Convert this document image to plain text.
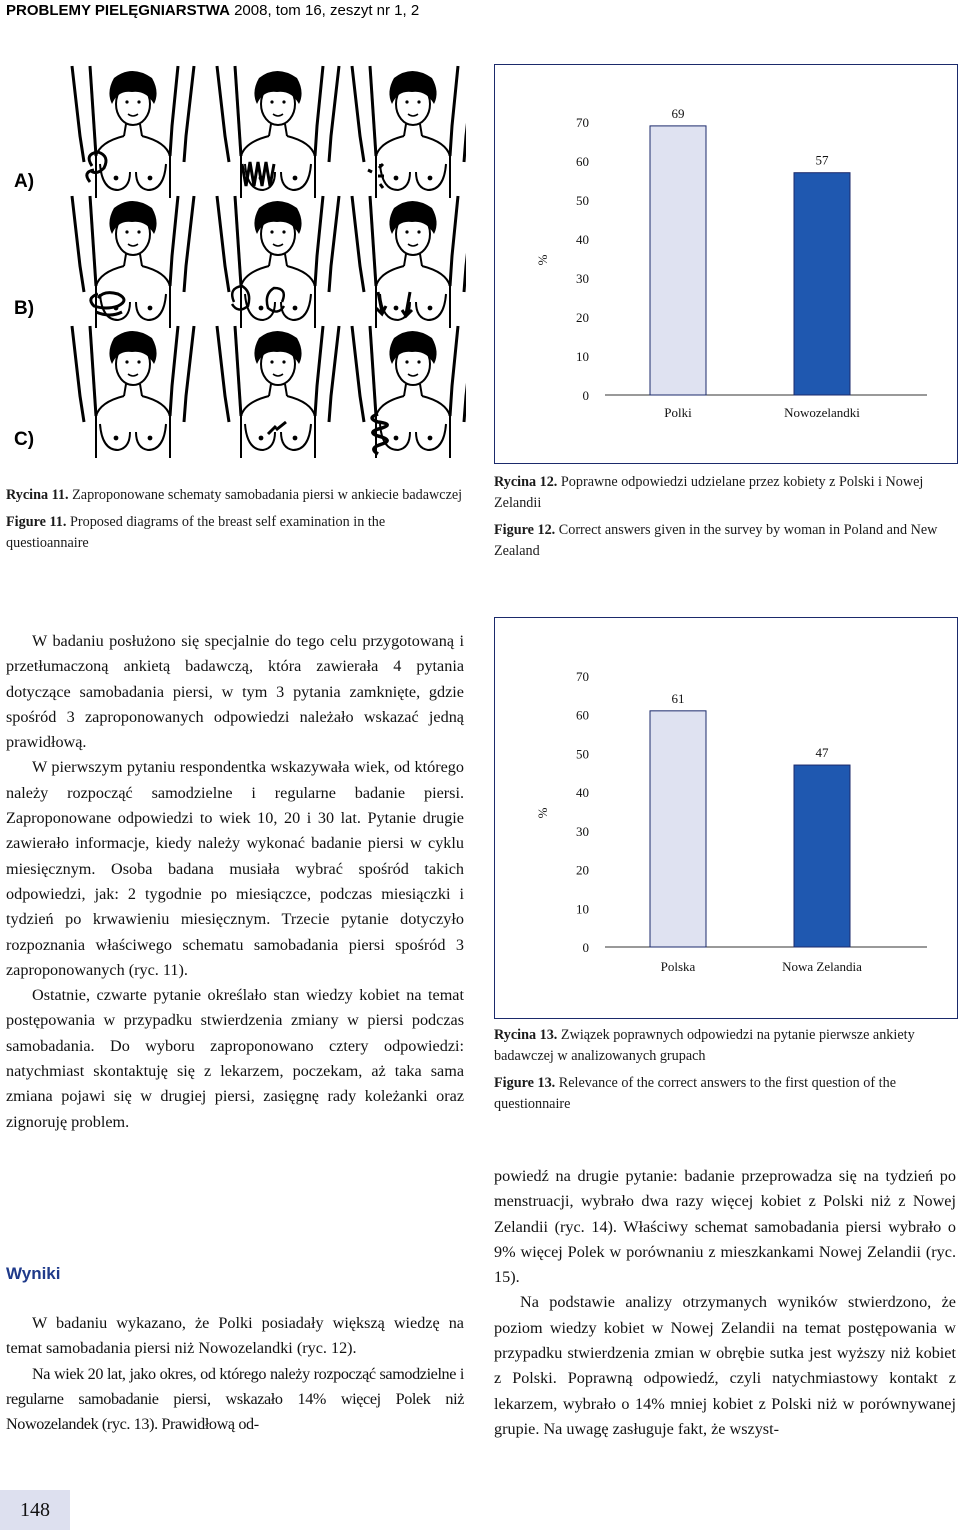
PROBLEMY PIELĘGNIARSTWA 2008, tom 16, zeszyt nr 1, 2
A)
B)
C)
0
10
20
30
40
50
60
70
%
69
Polki
57
Nowozelandki
0
10
20
30
40
50
60
70
%
61
Polska
47
Nowa Zelandia

Rycina 11. Zaproponowane schematy samobadania piersi w ankiecie badawczej

Figure 11. Proposed diagrams of the breast self examination in the questioannaire

Rycina 12. Poprawne odpowiedzi udzielane przez kobiety z Polski i Nowej Zelandii

Figure 12. Correct answers given in the survey by woman in Poland and New Zealand

Rycina 13. Związek poprawnych odpowiedzi na pytanie pierwsze ankiety badawczej w analizowanych grupach

Figure 13. Relevance of the correct answers to the first question of the questionnaire

W badaniu posłużono się specjalnie do tego celu przygotowaną i przetłumaczoną ankietą badawczą, która zawierała 4 pytania dotyczące samobadania piersi, w tym 3 pytania zamknięte, gdzie spośród 3 zaproponowanych odpowiedzi należało wskazać jedną prawidłową.

W pierwszym pytaniu respondentka wskazywała wiek, od którego należy rozpocząć samodzielne i regularne badanie piersi. Zaproponowane odpowiedzi to wiek 10, 20 i 30 lat. Pytanie drugie zawierało informacje, kiedy należy wykonać badanie piersi w cyklu miesięcznym. Osoba badana musiała wybrać spośród takich odpowiedzi, jak: 2 tygodnie po miesiączce, podczas miesiączki i tydzień po krwawieniu miesięcznym. Trzecie pytanie dotyczyło rozpoznania właściwego schematu samobadania piersi spośród 3 zaproponowanych (ryc. 11).

Ostatnie, czwarte pytanie określało stan wiedzy kobiet na temat postępowania w przypadku stwierdzenia zmiany w piersi podczas samobadania. Do wyboru zaproponowano cztery odpowiedzi: natychmiast skontaktuję się z lekarzem, poczekam, aż taka sama zmiana pojawi się w drugiej piersi, zasięgnę rady koleżanki oraz zignoruję problem.

Wyniki

W badaniu wykazano, że Polki posiadały większą wiedzę na temat samobadania piersi niż Nowozelandki (ryc. 12).

Na wiek 20 lat, jako okres, od którego należy rozpocząć samodzielne i regularne samobadanie piersi, wskazało 14% więcej Polek niż Nowozelandek (ryc. 13). Prawidłową od-

powiedź na drugie pytanie: badanie przeprowadza się na tydzień po menstruacji, wybrało dwa razy więcej kobiet z Polski niż z Nowej Zelandii (ryc. 14). Właściwy schemat samobadania piersi wybrało o 9% więcej Polek w porównaniu z mieszkankami Nowej Zelandii (ryc. 15).

Na podstawie analizy otrzymanych wyników stwierdzono, że poziom wiedzy kobiet w Nowej Zelandii na temat postępowania w przypadku stwierdzenia zmian w obrębie sutka jest wyższy niż kobiet z Polski. Poprawną odpowiedź, czyli natychmiastowy kontakt z lekarzem, wybrało o 14% mniej kobiet z Polski niż w porównywanej grupie. Na uwagę zasługuje fakt, że wszyst-

148
